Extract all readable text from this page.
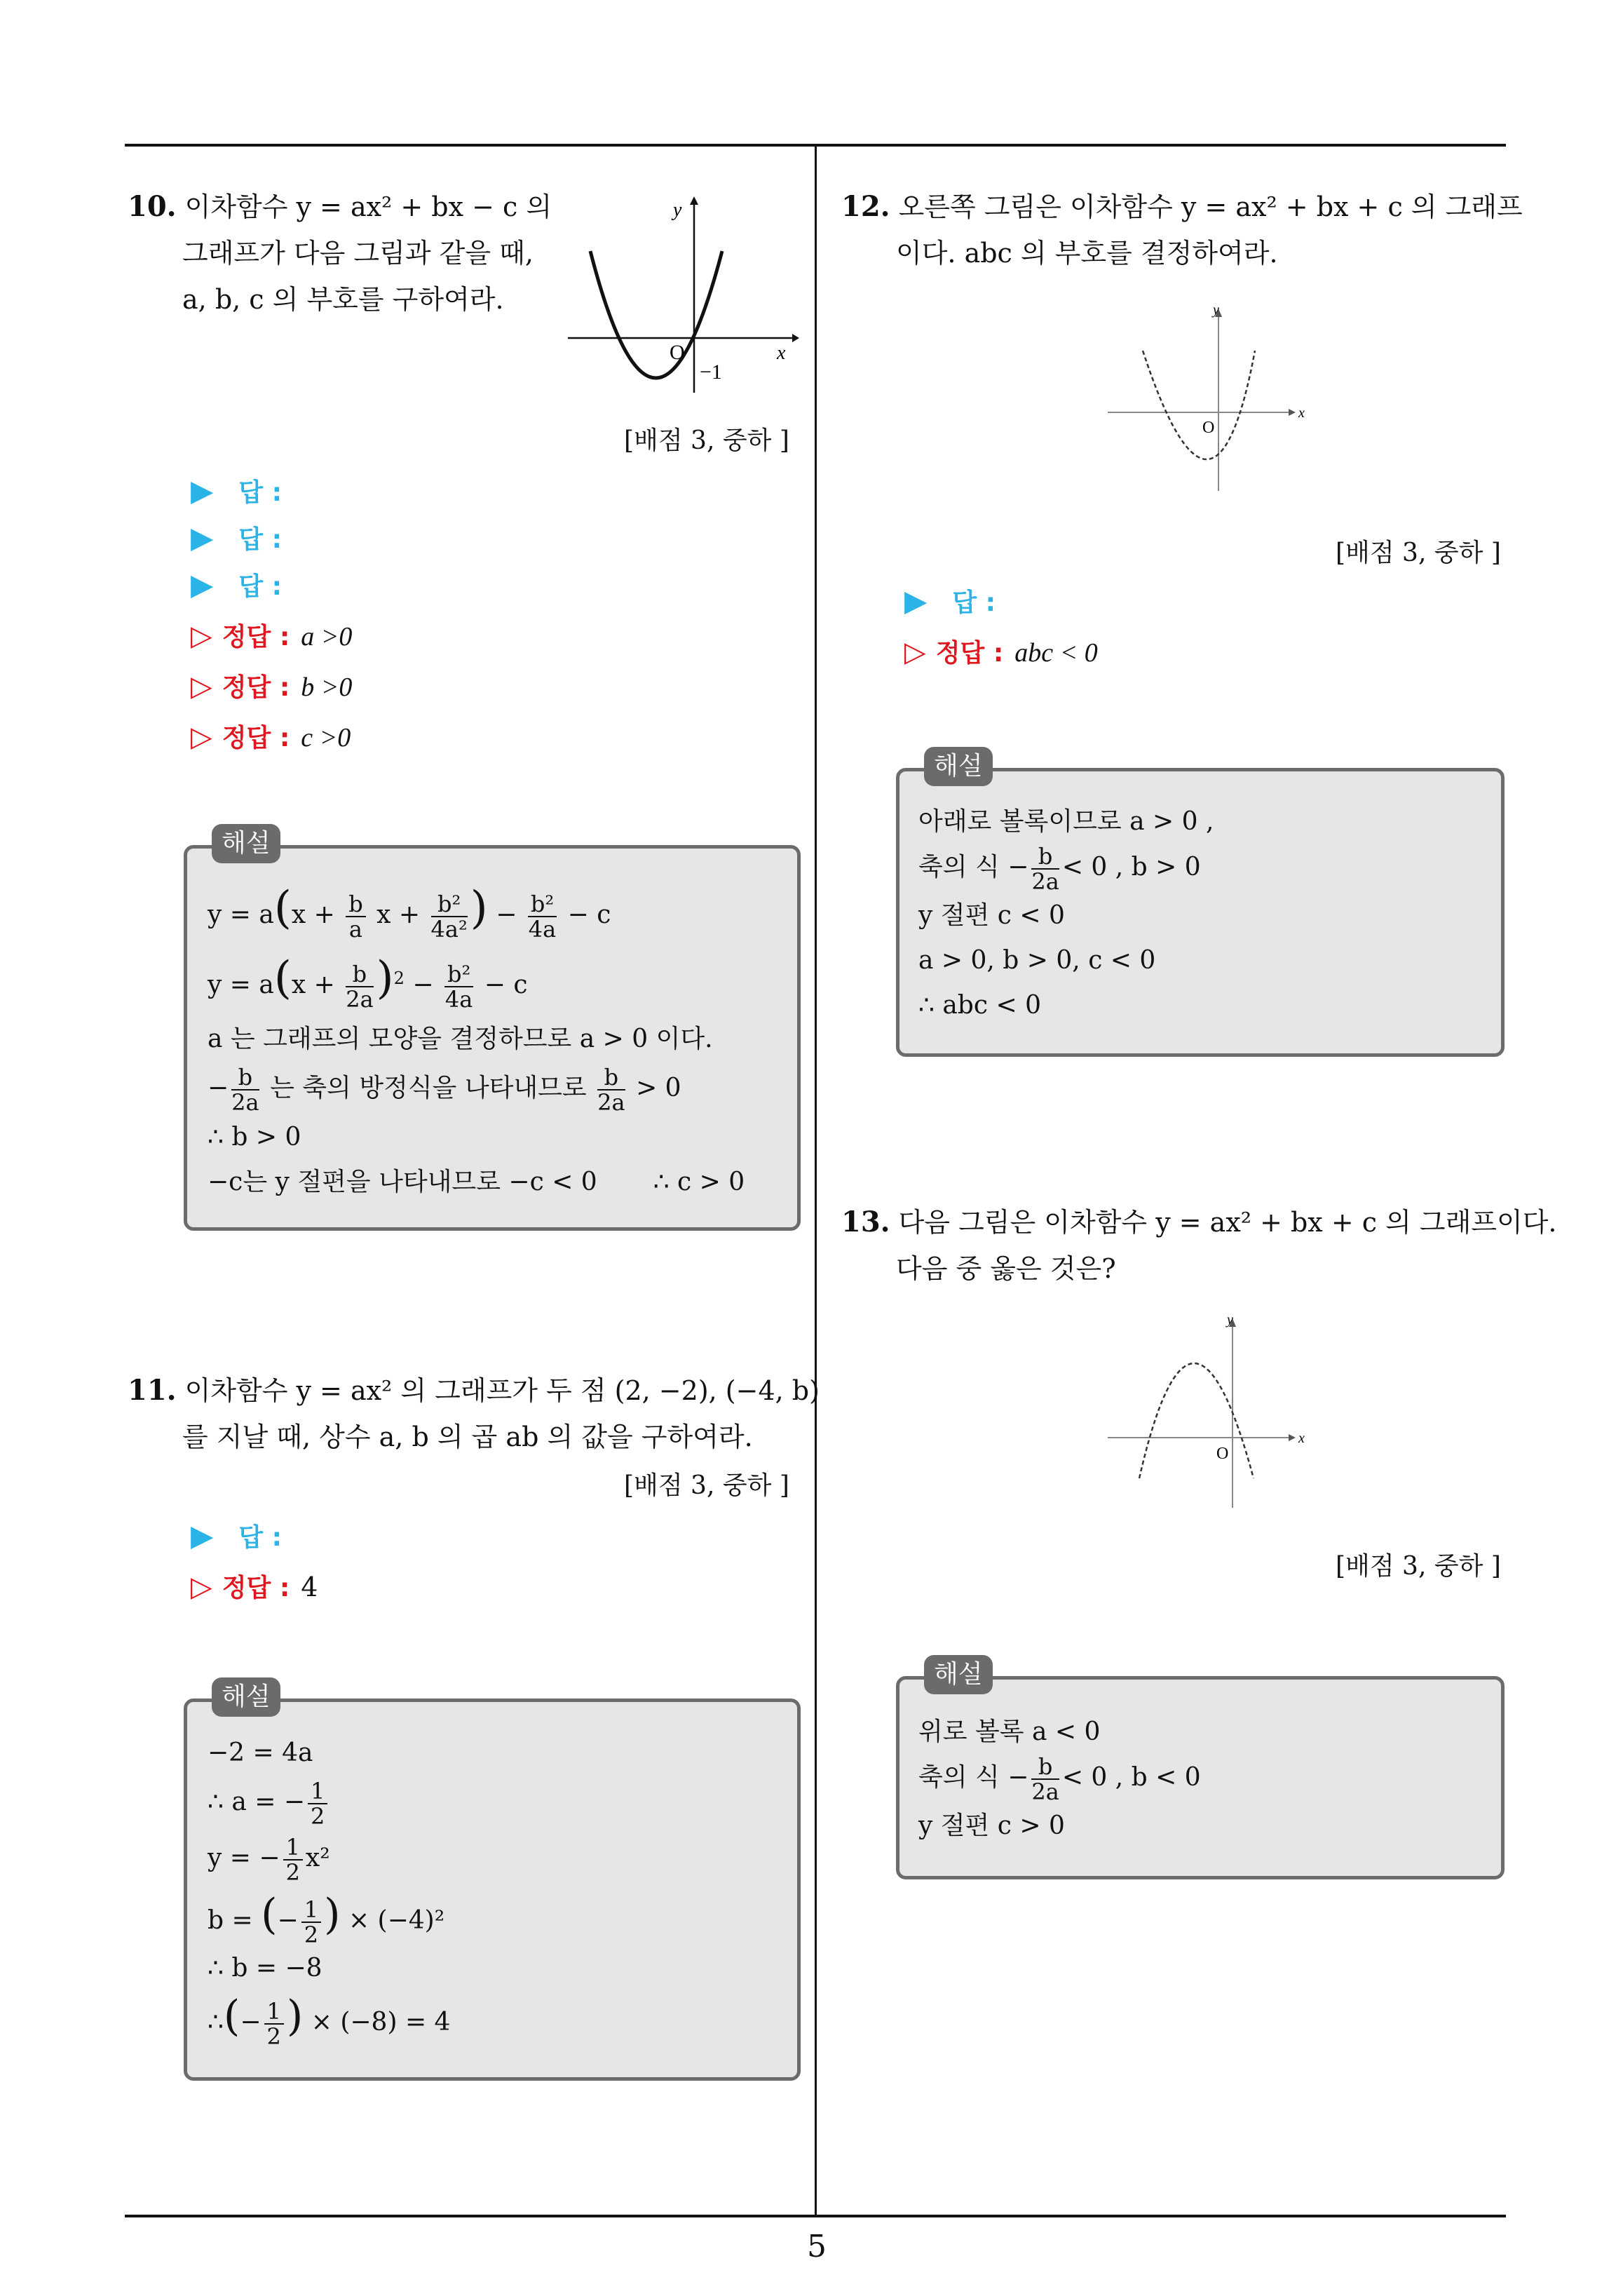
10. 이차함수 y = ax² + bx − c 의
그래프가 다음 그림과 같을 때,
a, b, c 의 부호를 구하여라.
y
x
O
−1
[배점 3, 중하 ]
▶ 답 :
▶ 답 :
▶ 답 :
▷ 정답 : a >0
▷ 정답 : b >0
▷ 정답 : c >0
해설
$y = a(x + \frac{b}{a}$ $x + \frac{\text{b²}}{\text{4a²}}$ ) − $\frac{\text{b²}}{4a} - c$
$y = a(x + \frac{b}{2a} )^2 - \frac{\text{b²}}{4a} - c$
a 는 그래프의 모양을 결정하므로 a > 0 이다.
− $\frac{b}{2a}$ 는 축의 방정식을 나타내므로 $\frac{b}{2a} > 0$
∴ b > 0
−c는 y 절편을 나타내므로 −c < 0 ∴ c > 0
11. 이차함수 y = ax² 의 그래프가 두 점 (2, −2), (−4, b)
를 지날 때, 상수 a, b 의 곱 ab 의 값을 구하여라.
[배점 3, 중하 ]
▶ 답 :
▷ 정답 : 4
해설
−2 = 4a
∴ a = − $\frac{1}{2}$
y = − $\frac{1}{2} x^2$
b = (− $\frac{1}{2}$ ) × (−4)²
∴ b = −8
∴(− $\frac{1}{2}$ ) × (−8) = 4
12. 오른쪽 그림은 이차함수 y = ax² + bx + c 의 그래프
이다. abc 의 부호를 결정하여라.
y
x
O
[배점 3, 중하 ]
▶ 답 :
▷ 정답 : abc < 0
해설
아래로 볼록이므로 a > 0 ,
축의 식 − $\frac{b}{2a} < 0$ , b > 0
y 절편 c < 0
a > 0, b > 0, c < 0
∴ abc < 0
13. 다음 그림은 이차함수 y = ax² + bx + c 의 그래프이다.
다음 중 옳은 것은?
y
x
O
[배점 3, 중하 ]
해설
위로 볼록 a < 0
축의 식 − $\frac{b}{2a} < 0$ , b < 0
y 절편 c > 0
5
